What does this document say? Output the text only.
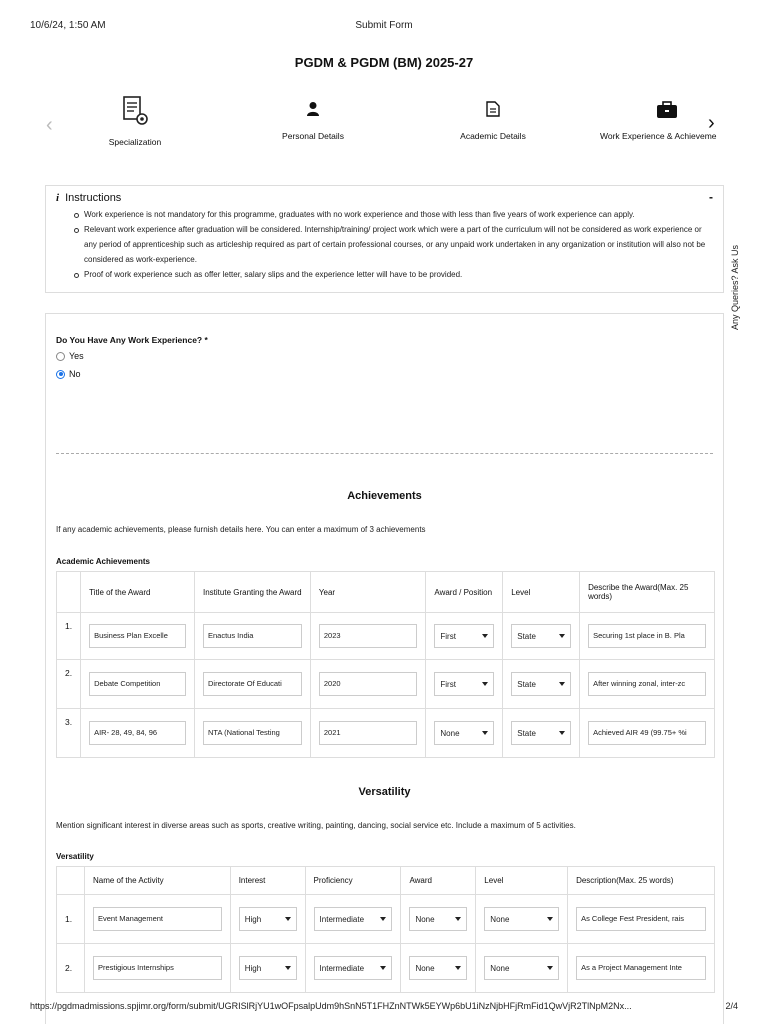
10/6/24, 1:50 AM	Submit Form
PGDM & PGDM (BM) 2025-27
‹
Specialization
Personal Details	Academic Details	Work Experience & Achieveme
›
i Instructions	-
Work experience is not mandatory for this programme, graduates with no work experience and those with less than five years of work experience can apply.
Relevant work experience after graduation will be considered. Internship/training/ project work which were a part of the curriculum will not be considered as work experience or any period of apprenticeship such as articleship required as part of certain professional courses, or any unpaid work undertaken in any organization or institution will also not be considered as work-experience.
Proof of work experience such as offer letter, salary slips and the experience letter will have to be provided.	Any Queries? Ask Us
Do You Have Any Work Experience? *
Yes
No
Achievements
If any academic achievements, please furnish details here. You can enter a maximum of 3 achievements
Academic Achievements
	Title of the Award	Institute Granting the Award	Year	Award / Position	Level	Describe the Award(Max. 25 words)
1.	Business Plan Excelle	Enactus India	2023	First	State	Securing 1st place in B. Pla

2.	Debate Competition	Directorate Of Educati	2020	First	State	After winning zonal, inter-zc

3.	AIR- 28, 49, 84, 96	NTA (National Testing	2021	None	State	Achieved AIR 49 (99.75+ %i
Versatility
Mention significant interest in diverse areas such as sports, creative writing, painting, dancing, social service etc. Include a maximum of 5 activities.
Versatility
	Name of the Activity	Interest	Proficiency	Award	Level	Description(Max. 25 words)
1.	Event Management	High	Intermediate	None	None	As College Fest President, rais

2.	Prestigious Internships	High	Intermediate	None	None	As a Project Management Inte
https://pgdmadmissions.spjimr.org/form/submit/UGRISlRjYU1wOFpsalpUdm9hSnN5T1FHZnNTWk5EYWp6bU1iNzNjbHFjRmFid1QwVjR2TlNpM2Nx...	2/4
